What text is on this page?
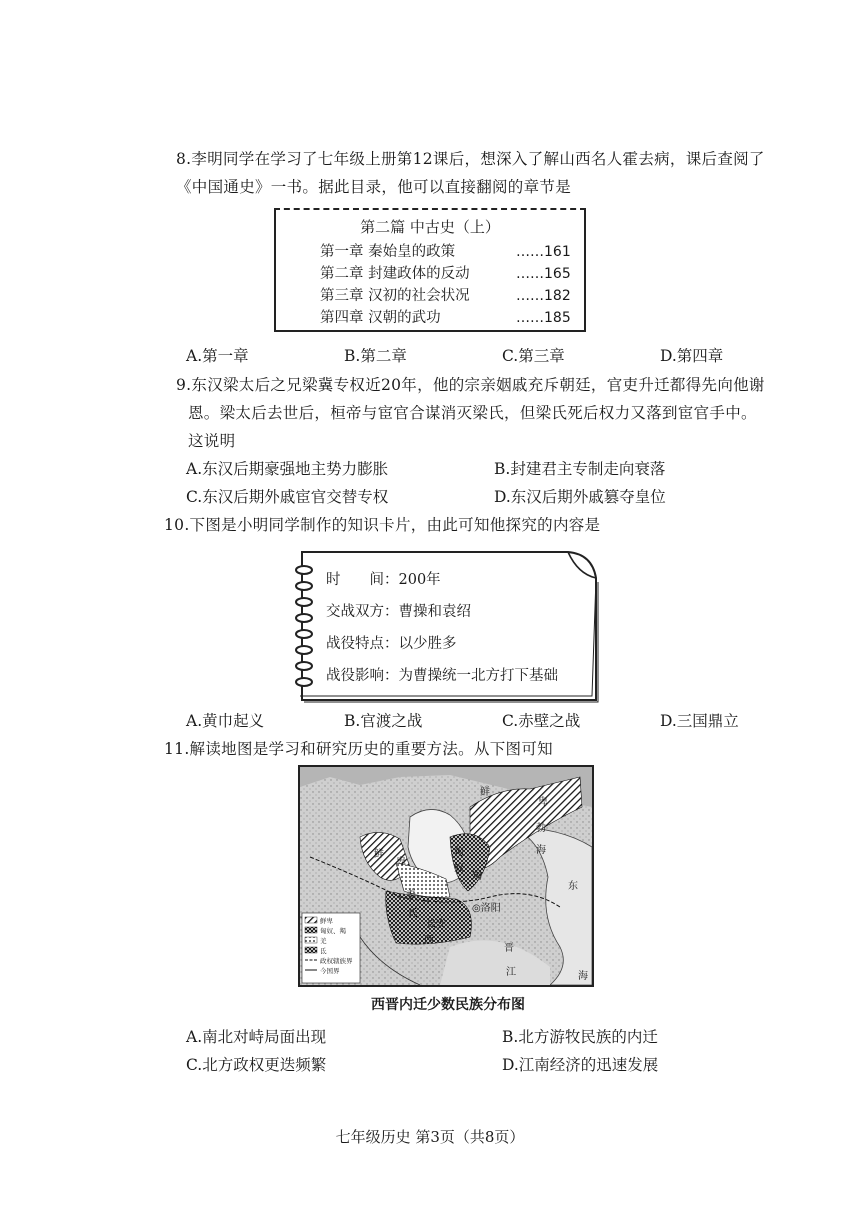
8.李明同学在学习了七年级上册第12课后，想深入了解山西名人霍去病，课后查阅了
《中国通史》一书。据此目录，他可以直接翻阅的章节是
第二篇 中古史（上）
第一章 秦始皇的政策	……161
第二章 封建政体的反动	……165
第三章 汉初的社会状况	……182
第四章 汉朝的武功	……185
A.第一章	B.第二章	C.第三章	D.第四章
9.东汉梁太后之兄梁冀专权近20年，他的宗亲姻戚充斥朝廷，官吏升迁都得先向他谢
恩。梁太后去世后，桓帝与宦官合谋消灭梁氏，但梁氏死后权力又落到宦官手中。
这说明
A.东汉后期豪强地主势力膨胀	B.封建君主专制走向衰落
C.东汉后期外戚宦官交替专权	D.东汉后期外戚篡夺皇位
10.下图是小明同学制作的知识卡片，由此可知他探究的内容是
时　　间：200年
交战双方：曹操和袁绍
战役特点：以少胜多
战役影响：为曹操统一北方打下基础
A.黄巾起义	B.官渡之战	C.赤壁之战	D.三国鼎立
11.解读地图是学习和研究历史的重要方法。从下图可知
鲜
卑
勃
海
东
鲜
卑
匈
奴
羯
羌
氐
长安
◎洛阳
西
晋
江	海
鲜卑
匈奴、羯
羌
氐
政权辖族界
今国界
西晋内迁少数民族分布图
A.南北对峙局面出现	B.北方游牧民族的内迁
C.北方政权更迭频繁	D.江南经济的迅速发展
七年级历史 第3页（共8页）
